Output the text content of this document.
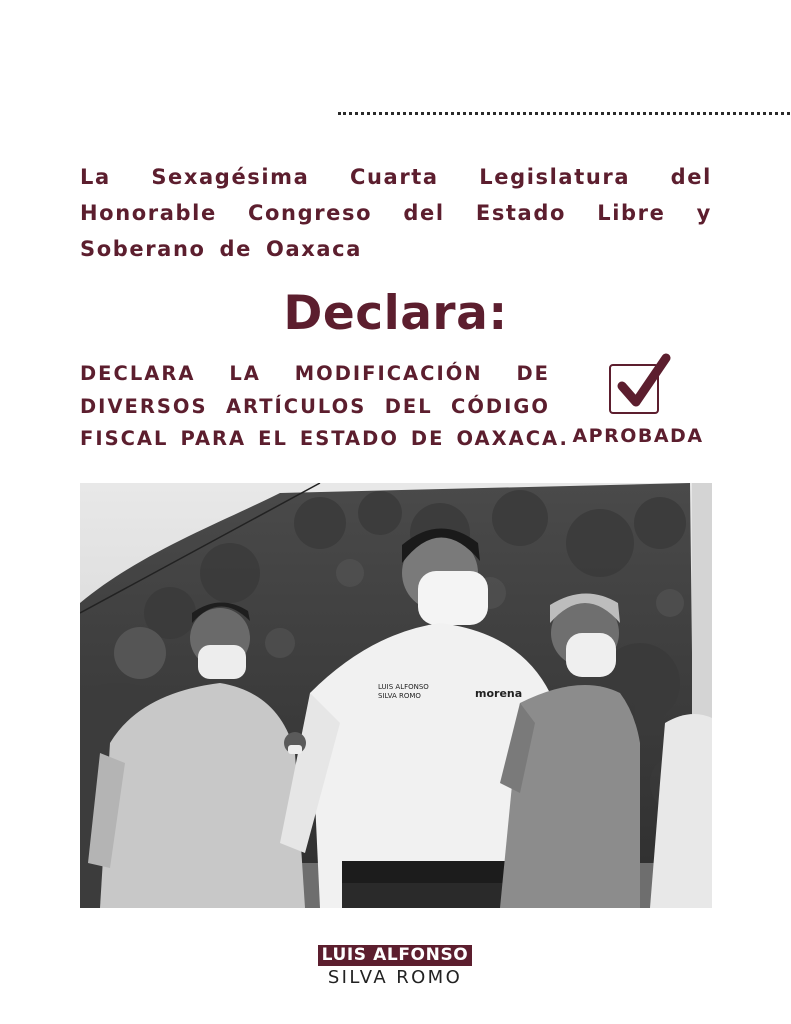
La Sexagésima Cuarta Legislatura del
Honorable Congreso del Estado Libre y
Soberano de Oaxaca
Declara:
DECLARA LA MODIFICACIÓN DE
DIVERSOS ARTÍCULOS DEL CÓDIGO
FISCAL PARA EL ESTADO DE OAXACA. APROBADA
morena
LUIS ALFONSO
SILVA ROMO
LUIS ALFONSO
SILVA ROMO
